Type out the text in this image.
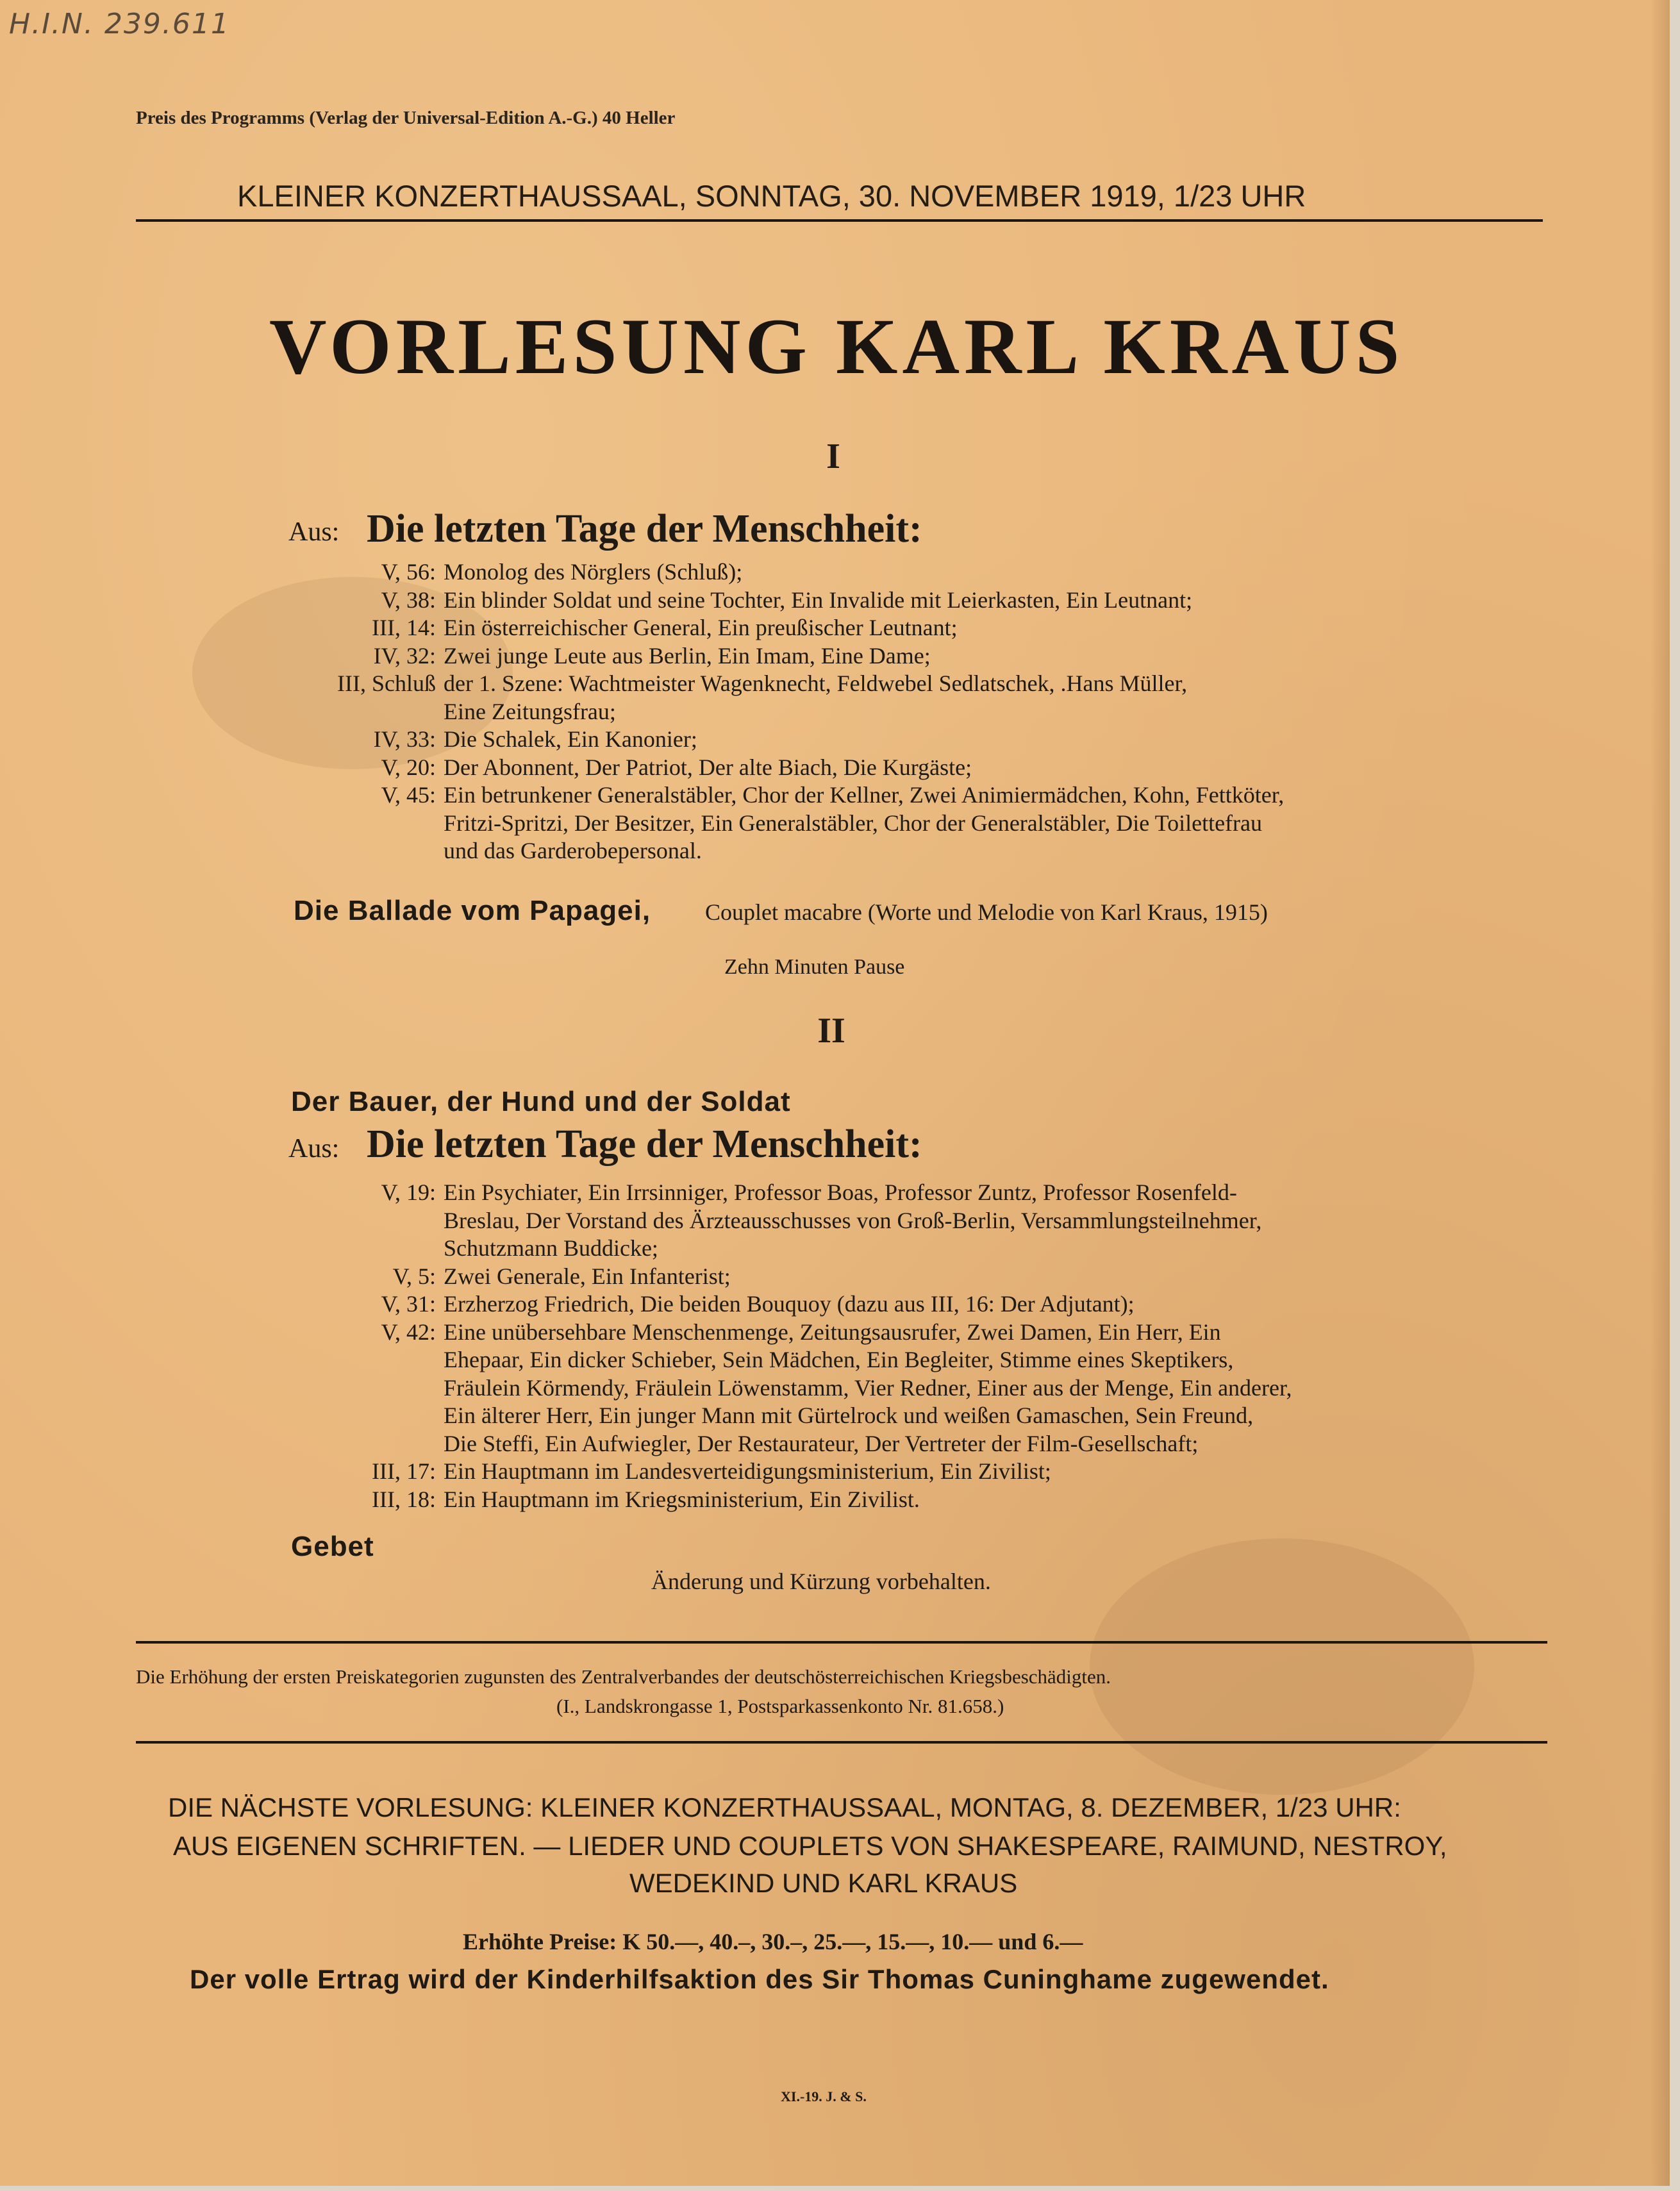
H.I.N. 239.611
Preis des Programms (Verlag der Universal-Edition A.-G.) 40 Heller
KLEINER KONZERTHAUSSAAL, SONNTAG, 30. NOVEMBER 1919, 1/23 UHR
VORLESUNG KARL KRAUS
I
Aus: Die letzten Tage der Menschheit:
V, 56: Monolog des Nörglers (Schluß);
V, 38: Ein blinder Soldat und seine Tochter, Ein Invalide mit Leierkasten, Ein Leutnant;
III, 14: Ein österreichischer General, Ein preußischer Leutnant;
IV, 32: Zwei junge Leute aus Berlin, Ein Imam, Eine Dame;
III, Schluß der 1. Szene: Wachtmeister Wagenknecht, Feldwebel Sedlatschek, .Hans Müller,
Eine Zeitungsfrau;
IV, 33: Die Schalek, Ein Kanonier;
V, 20: Der Abonnent, Der Patriot, Der alte Biach, Die Kurgäste;
V, 45: Ein betrunkener Generalstäbler, Chor der Kellner, Zwei Animiermädchen, Kohn, Fettköter,
Fritzi-Spritzi, Der Besitzer, Ein Generalstäbler, Chor der Generalstäbler, Die Toilettefrau
und das Garderobepersonal.
Die Ballade vom Papagei, Couplet macabre (Worte und Melodie von Karl Kraus, 1915)
Zehn Minuten Pause
II
Der Bauer, der Hund und der Soldat
Aus: Die letzten Tage der Menschheit:
V, 19: Ein Psychiater, Ein Irrsinniger, Professor Boas, Professor Zuntz, Professor Rosenfeld-
Breslau, Der Vorstand des Ärzteausschusses von Groß-Berlin, Versammlungsteilnehmer,
Schutzmann Buddicke;
V, 5: Zwei Generale, Ein Infanterist;
V, 31: Erzherzog Friedrich, Die beiden Bouquoy (dazu aus III, 16: Der Adjutant);
V, 42: Eine unübersehbare Menschenmenge, Zeitungsausrufer, Zwei Damen, Ein Herr, Ein
Ehepaar, Ein dicker Schieber, Sein Mädchen, Ein Begleiter, Stimme eines Skeptikers,
Fräulein Körmendy, Fräulein Löwenstamm, Vier Redner, Einer aus der Menge, Ein anderer,
Ein älterer Herr, Ein junger Mann mit Gürtelrock und weißen Gamaschen, Sein Freund,
Die Steffi, Ein Aufwiegler, Der Restaurateur, Der Vertreter der Film-Gesellschaft;
III, 17: Ein Hauptmann im Landesverteidigungsministerium, Ein Zivilist;
III, 18: Ein Hauptmann im Kriegsministerium, Ein Zivilist.
Gebet
Änderung und Kürzung vorbehalten.
Die Erhöhung der ersten Preiskategorien zugunsten des Zentralverbandes der deutschösterreichischen Kriegsbeschädigten.
(I., Landskrongasse 1, Postsparkassenkonto Nr. 81.658.)
DIE NÄCHSTE VORLESUNG: KLEINER KONZERTHAUSSAAL, MONTAG, 8. DEZEMBER, 1/23 UHR:
AUS EIGENEN SCHRIFTEN. — LIEDER UND COUPLETS VON SHAKESPEARE, RAIMUND, NESTROY,
WEDEKIND UND KARL KRAUS
Erhöhte Preise: K 50.—, 40.–, 30.–, 25.—, 15.—, 10.— und 6.—
Der volle Ertrag wird der Kinderhilfsaktion des Sir Thomas Cuninghame zugewendet.
XI.-19. J. & S.
